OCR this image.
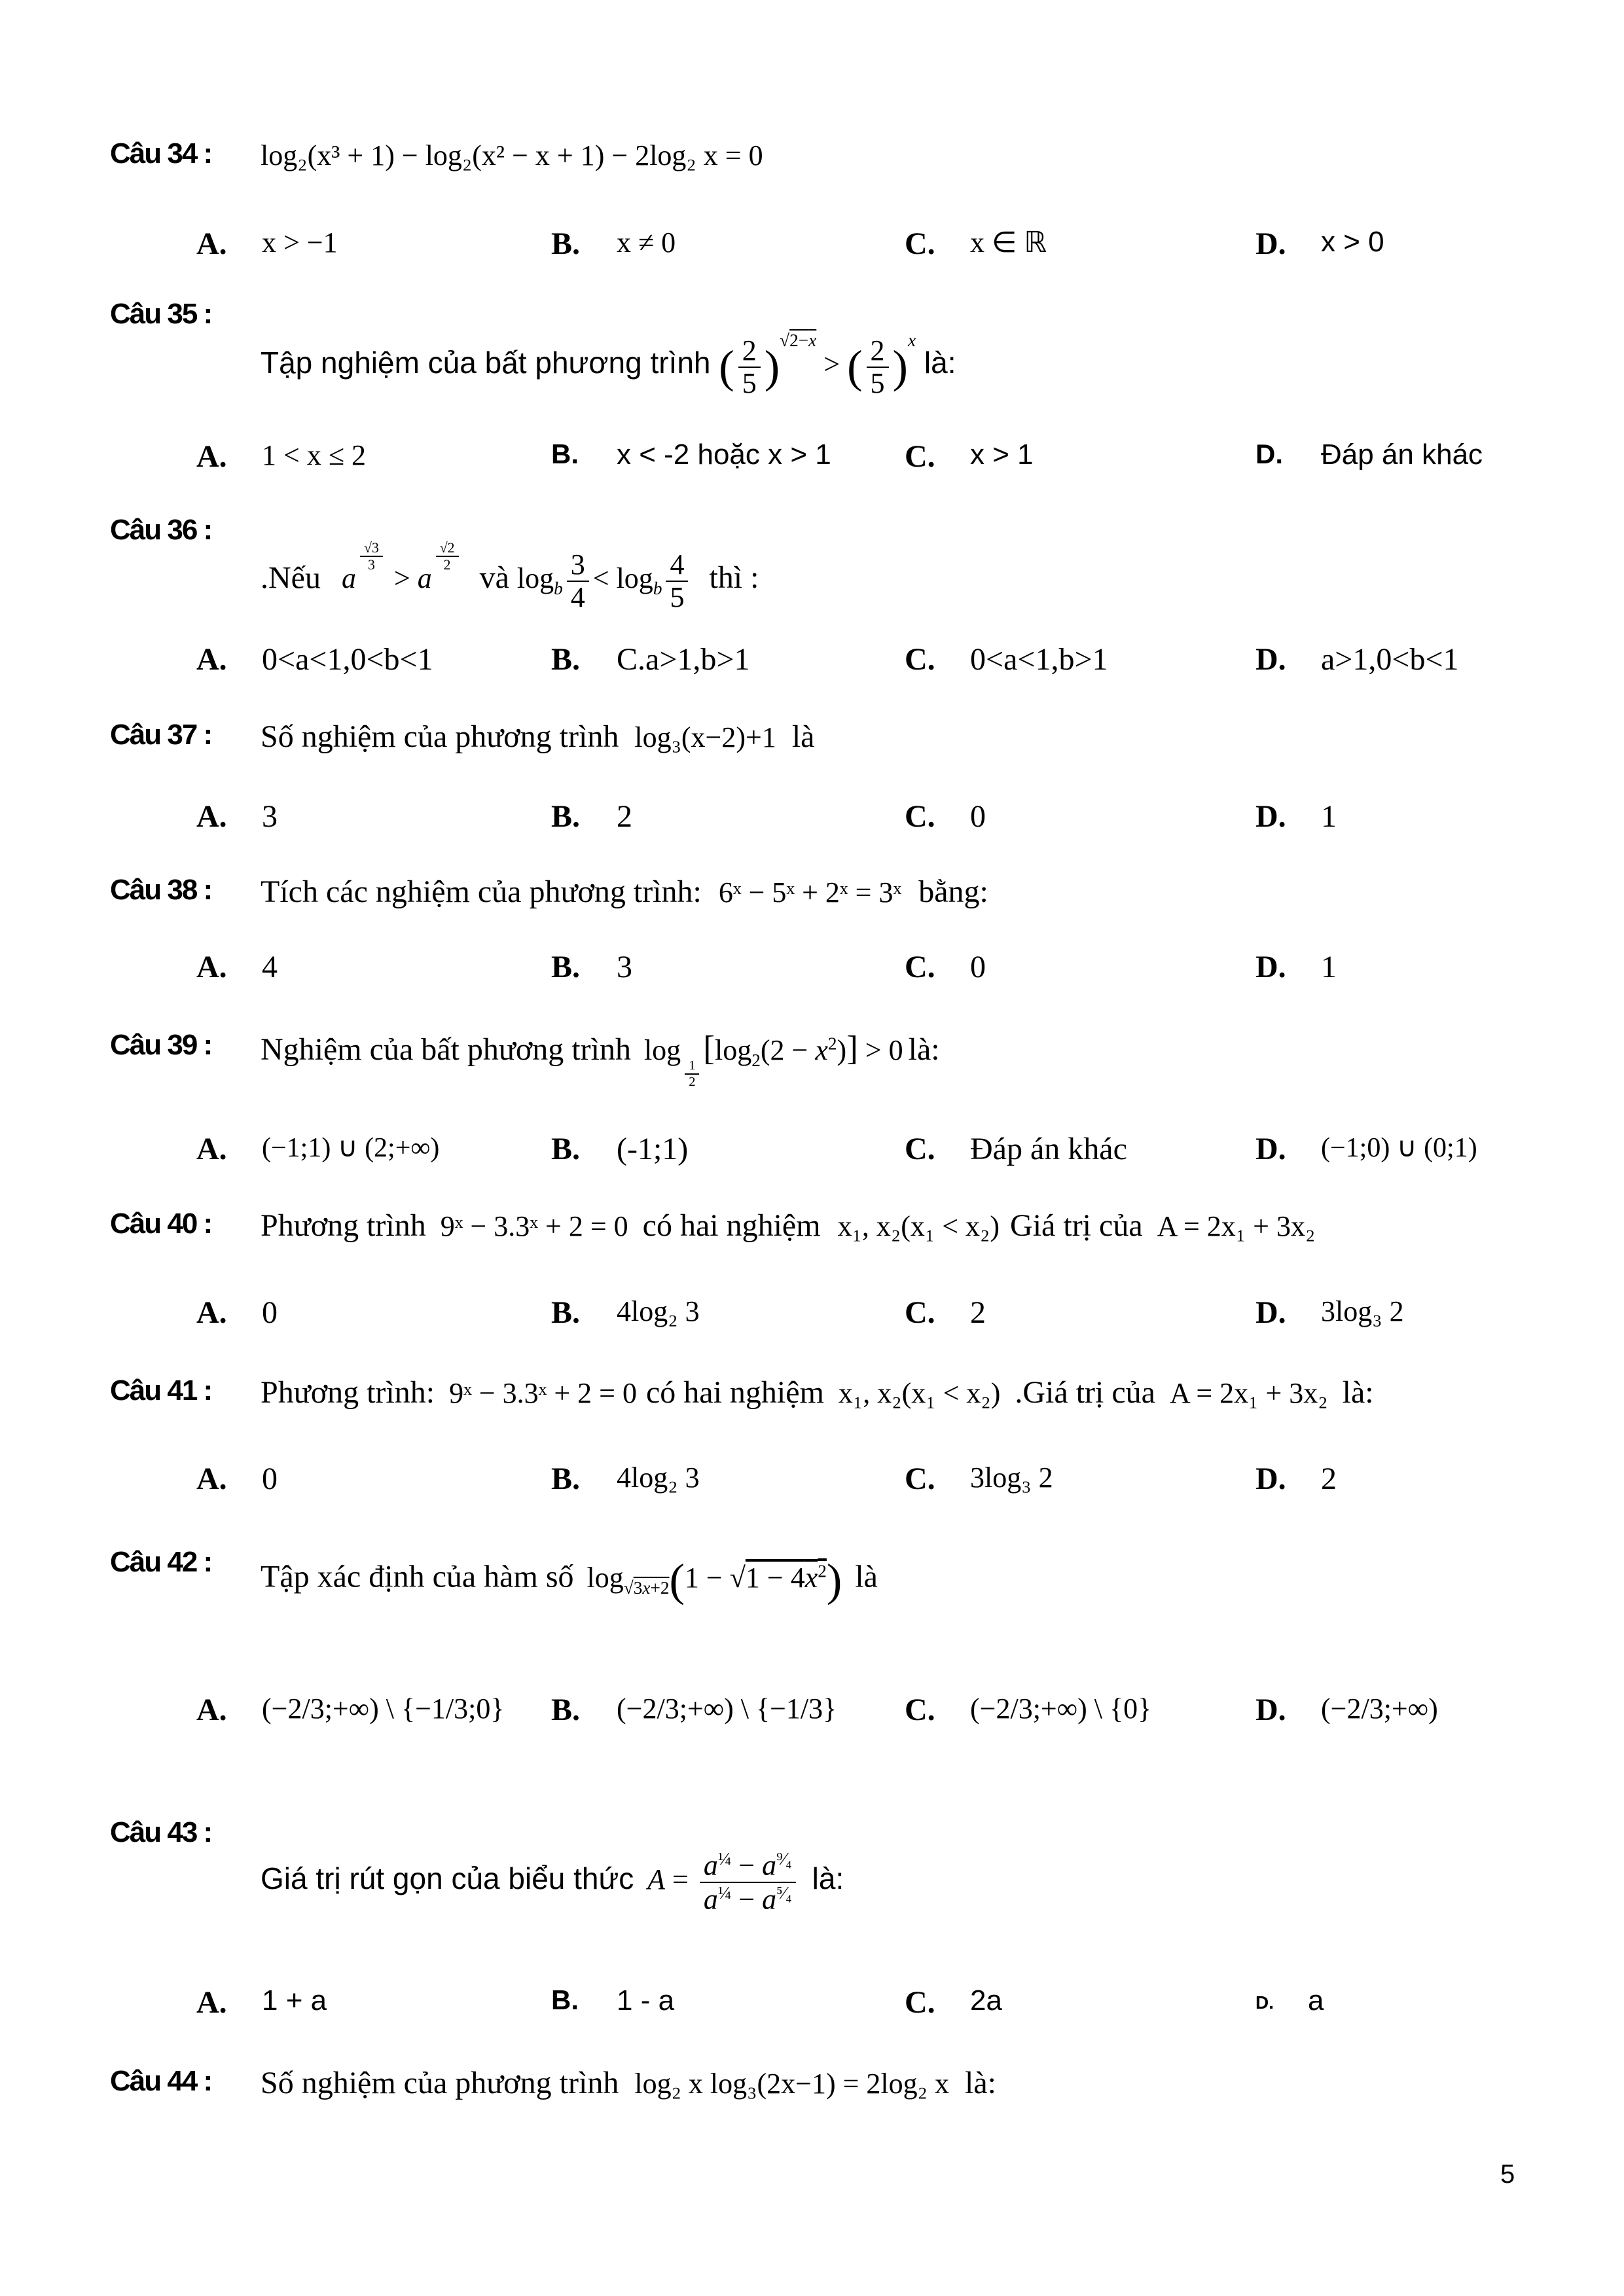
Câu 34 : log₂(x³ + 1) − log₂(x² − x + 1) − 2log₂ x = 0
A. x > −1	B. x ≠ 0	C. x ∈ ℝ	D. x > 0
Câu 35 :
Tập nghiệm của bất phương trình ( $\frac{2}{5} )^{√2-x}$ > ( $\frac{2}{5} )^x$ là:
A. 1 < x ≤ 2	B. x < -2 hoặc x > 1 C. x > 1	D. Đáp án khác
Câu 36 :
.Nếu a
$^{\frac{√3}{3}}$
> a
$^{\frac{√2}{2}}$
và $\log_b \frac{3}{4} < \log_b \frac{4}{5}$ thì :
A. 0<a<1,0<b<1	B. C.a>1,b>1	C. 0<a<1,b>1	D. a>1,0<b<1
Câu 37 : Số nghiệm của phương trình log₃(x−2)+1 là
A. 3	B. 2	C. 0	D. 1
Câu 38 : Tích các nghiệm của phương trình: 6ˣ − 5ˣ + 2ˣ = 3ˣ bằng:
A. 4	B. 3	C. 0	D. 1
Câu 39 : Nghiệm của bất phương trình log
$_{\frac{1}{2}}$
$[\log_2(2 - x^2)] > 0$ là:
A. (−1;1) ∪ (2;+∞)	B. (-1;1)	C. Đáp án khác	D. (−1;0) ∪ (0;1)
Câu 40 : Phương trình 9ˣ − 3.3ˣ + 2 = 0 có hai nghiệm x₁, x₂(x₁ < x₂) Giá trị của A = 2x₁ + 3x₂
A. 0	B. 4log₂ 3	C. 2	D. 3log₃ 2
Câu 41 : Phương trình: 9ˣ − 3.3ˣ + 2 = 0 có hai nghiệm x₁, x₂(x₁ < x₂) .Giá trị của A = 2x₁ + 3x₂ là:
A. 0	B. 4log₂ 3	C. 3log₃ 2	D. 2
Câu 42 : Tập xác định của hàm số $\log_{√3x+2}(1 - √1 - 4x^2)$ là
A. (−2/3;+∞) \ {−1/3;0} B. (−2/3;+∞) \ {−1/3} C. (−2/3;+∞) \ {0}	D. (−2/3;+∞)
Câu 43 :
Giá trị rút gọn của biểu thức $A = \frac{a^{\frac{1}{4}} - a^{^9⁄_4}}{a^{\frac{1}{4}} - a^{^5⁄_4}}$ là:
A. 1 + a	B. 1 - a	C. 2a	D. a
Câu 44 : Số nghiệm của phương trình log₂ x log₃(2x−1) = 2log₂ x là:
5
